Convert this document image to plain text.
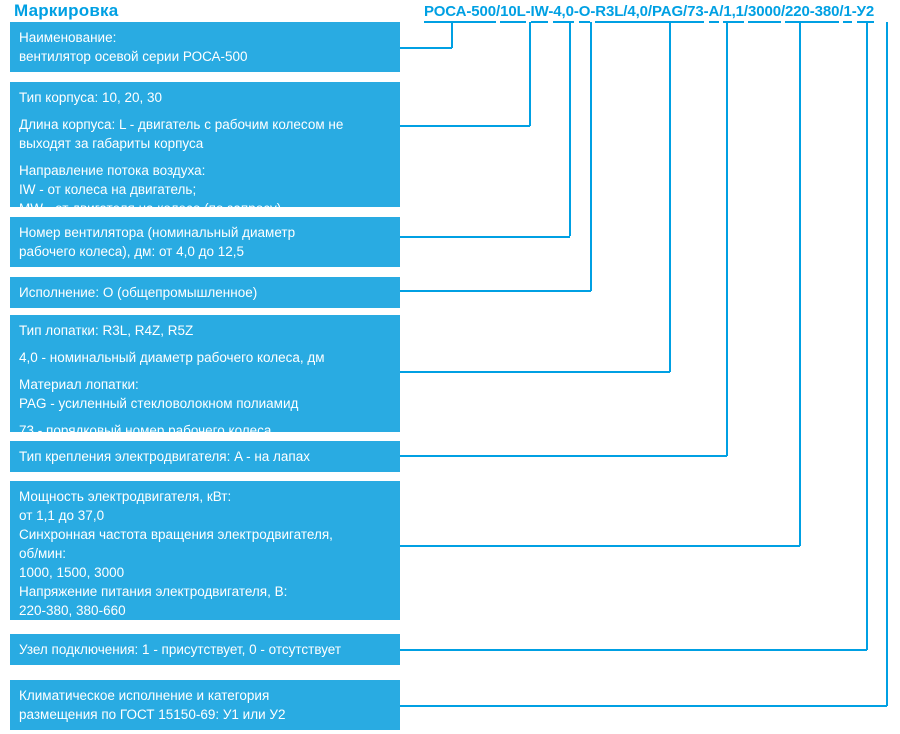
Маркировка	РОСА-500/10L-IW-4,0-O-R3L/4,0/PAG/73-A/1,1/3000/220-380/1-У2

Наименование:

вентилятор осевой серии РОСА-500

Тип корпуса: 10, 20, 30

Длина корпуса: L - двигатель с рабочим колесом не

выходят за габариты корпуса

Направление потока воздуха:

IW - от колеса на двигатель;

MW - от двигателя на колесо (по запросу)

Номер вентилятора (номинальный диаметр

рабочего колеса), дм: от 4,0 до 12,5

Исполнение: O (общепромышленное)

Тип лопатки: R3L, R4Z, R5Z

4,0 - номинальный диаметр рабочего колеса, дм

Материал лопатки:

PAG - усиленный стекловолокном полиамид

73 - порядковый номер рабочего колеса

Тип крепления электродвигателя: A - на лапах

Мощность электродвигателя, кВт:

от 1,1 до 37,0

Синхронная частота вращения электродвигателя,

об/мин:

1000, 1500, 3000

Напряжение питания электродвигателя, В:

220-380, 380-660

Узел подключения: 1 - присутствует, 0 - отсутствует

Климатическое исполнение и категория

размещения по ГОСТ 15150-69: У1 или У2
